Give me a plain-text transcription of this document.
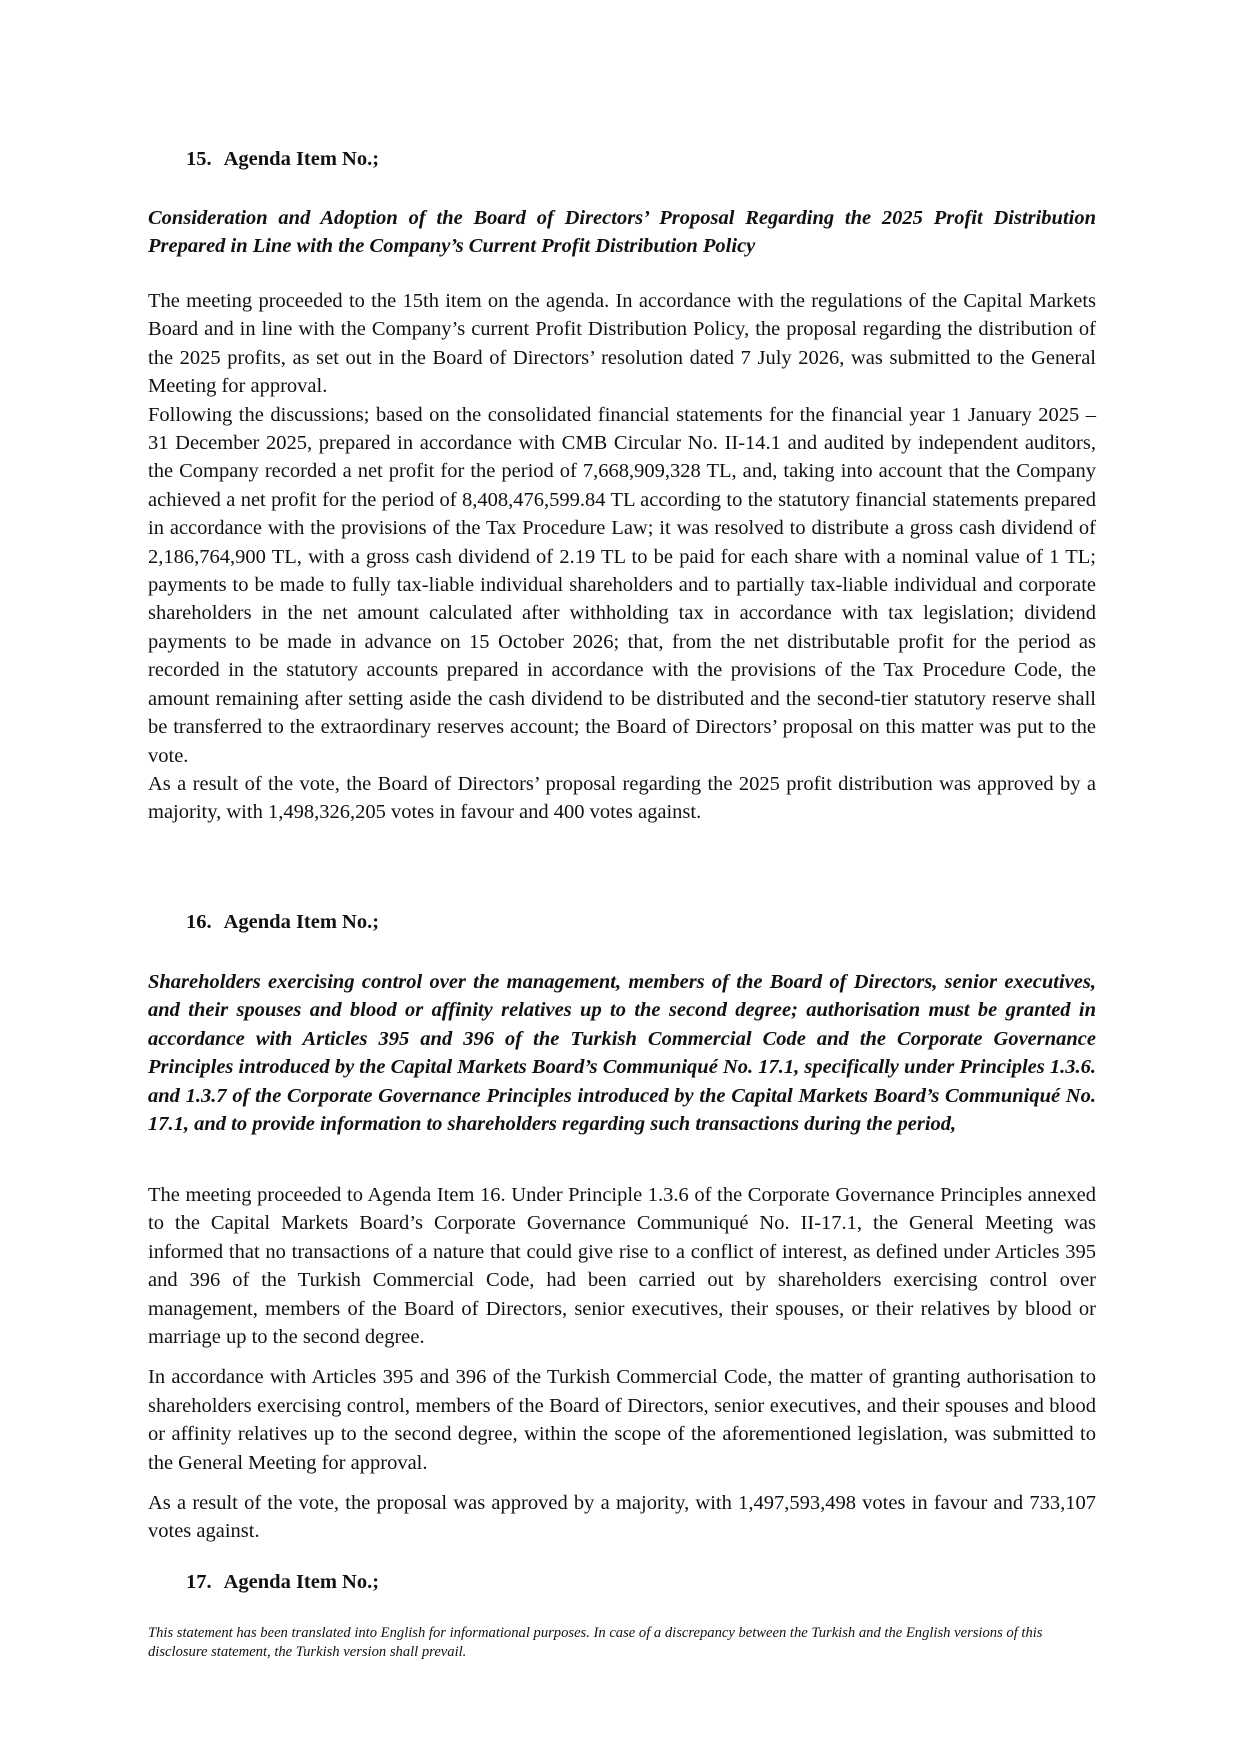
15. Agenda Item No.;
Consideration and Adoption of the Board of Directors’ Proposal Regarding the 2025 Profit Distribution Prepared in Line with the Company’s Current Profit Distribution Policy

The meeting proceeded to the 15th item on the agenda. In accordance with the regulations of the Capital Markets Board and in line with the Company’s current Profit Distribution Policy, the proposal regarding the distribution of the 2025 profits, as set out in the Board of Directors’ resolution dated 7 July 2026, was submitted to the General Meeting for approval.

Following the discussions; based on the consolidated financial statements for the financial year 1 January 2025 – 31 December 2025, prepared in accordance with CMB Circular No. II-14.1 and audited by independent auditors, the Company recorded a net profit for the period of 7,668,909,328 TL, and, taking into account that the Company achieved a net profit for the period of 8,408,476,599.84 TL according to the statutory financial statements prepared in accordance with the provisions of the Tax Procedure Law; it was resolved to distribute a gross cash dividend of 2,186,764,900 TL, with a gross cash dividend of 2.19 TL to be paid for each share with a nominal value of 1 TL; payments to be made to fully tax-liable individual shareholders and to partially tax-liable individual and corporate shareholders in the net amount calculated after withholding tax in accordance with tax legislation; dividend payments to be made in advance on 15 October 2026; that, from the net distributable profit for the period as recorded in the statutory accounts prepared in accordance with the provisions of the Tax Procedure Code, the amount remaining after setting aside the cash dividend to be distributed and the second-tier statutory reserve shall be transferred to the extraordinary reserves account; the Board of Directors’ proposal on this matter was put to the vote.

As a result of the vote, the Board of Directors’ proposal regarding the 2025 profit distribution was approved by a majority, with 1,498,326,205 votes in favour and 400 votes against.

16. Agenda Item No.;
Shareholders exercising control over the management, members of the Board of Directors, senior executives, and their spouses and blood or affinity relatives up to the second degree; authorisation must be granted in accordance with Articles 395 and 396 of the Turkish Commercial Code and the Corporate Governance Principles introduced by the Capital Markets Board’s Communiqué No. 17.1, specifically under Principles 1.3.6. and 1.3.7 of the Corporate Governance Principles introduced by the Capital Markets Board’s Communiqué No. 17.1, and to provide information to shareholders regarding such transactions during the period,

The meeting proceeded to Agenda Item 16. Under Principle 1.3.6 of the Corporate Governance Principles annexed to the Capital Markets Board’s Corporate Governance Communiqué No. II-17.1, the General Meeting was informed that no transactions of a nature that could give rise to a conflict of interest, as defined under Articles 395 and 396 of the Turkish Commercial Code, had been carried out by shareholders exercising control over management, members of the Board of Directors, senior executives, their spouses, or their relatives by blood or marriage up to the second degree.

In accordance with Articles 395 and 396 of the Turkish Commercial Code, the matter of granting authorisation to shareholders exercising control, members of the Board of Directors, senior executives, and their spouses and blood or affinity relatives up to the second degree, within the scope of the aforementioned legislation, was submitted to the General Meeting for approval.

As a result of the vote, the proposal was approved by a majority, with 1,497,593,498 votes in favour and 733,107 votes against.

17. Agenda Item No.;
This statement has been translated into English for informational purposes. In case of a discrepancy between the Turkish and the English versions of this disclosure statement, the Turkish version shall prevail.
